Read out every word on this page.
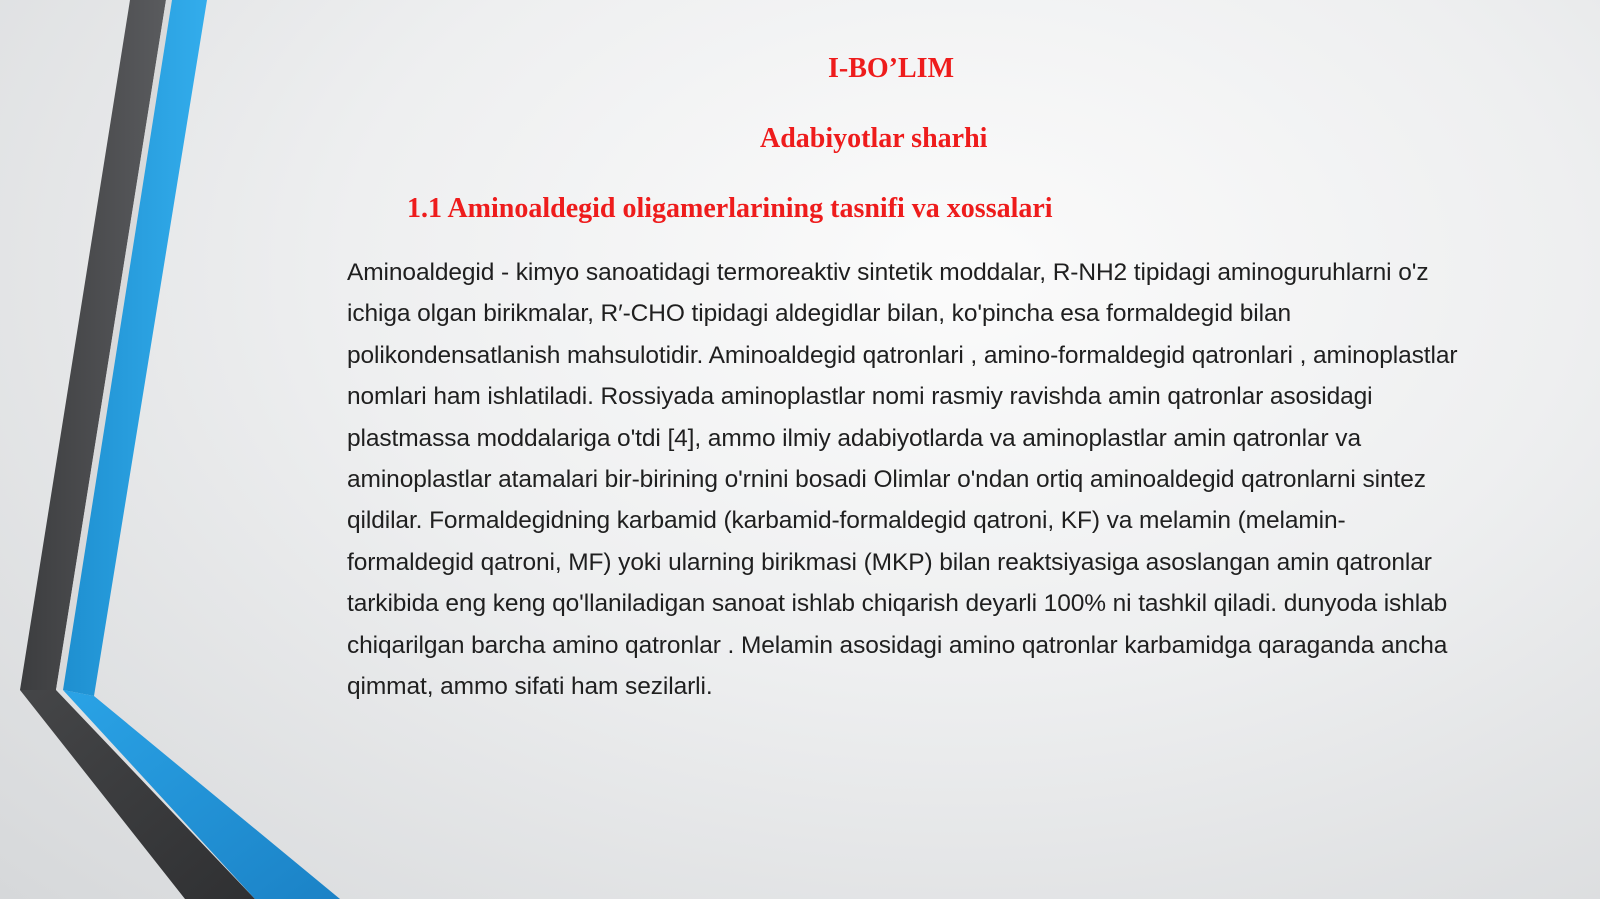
I-BO’LIM
Adabiyotlar sharhi
1.1 Aminoaldegid oligamerlarining tasnifi va xossalari

Aminoaldegid - kimyo sanoatidagi termoreaktiv sintetik moddalar, R-NH2 tipidagi aminoguruhlarni o'z ichiga olgan birikmalar, R′-CHO tipidagi aldegidlar bilan, ko'pincha esa formaldegid bilan polikondensatlanish mahsulotidir. Aminoaldegid qatronlari , amino-formaldegid qatronlari , aminoplastlar nomlari ham ishlatiladi. Rossiyada aminoplastlar nomi rasmiy ravishda amin qatronlar asosidagi plastmassa moddalariga o'tdi [4], ammo ilmiy adabiyotlarda va aminoplastlar amin qatronlar va aminoplastlar atamalari bir-birining o'rnini bosadi Olimlar o'ndan ortiq aminoaldegid qatronlarni sintez qildilar. Formaldegidning karbamid (karbamid-formaldegid qatroni, KF) va melamin (melamin-formaldegid qatroni, MF) yoki ularning birikmasi (MKP) bilan reaktsiyasiga asoslangan amin qatronlar tarkibida eng keng qo'llaniladigan sanoat ishlab chiqarish deyarli 100% ni tashkil qiladi. dunyoda ishlab chiqarilgan barcha amino qatronlar . Melamin asosidagi amino qatronlar karbamidga qaraganda ancha qimmat, ammo sifati ham sezilarli.
